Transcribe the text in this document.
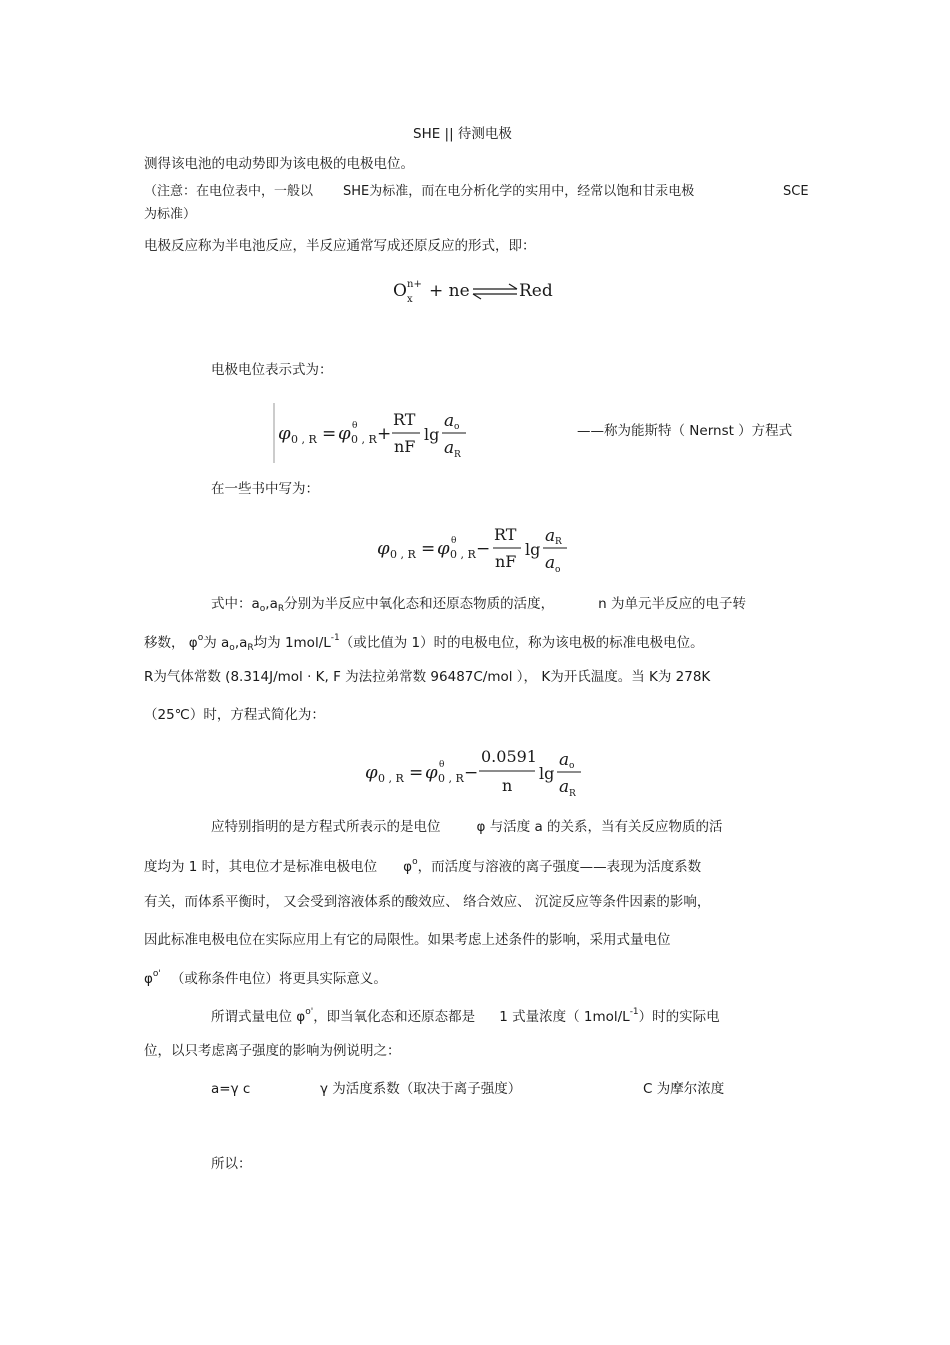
SHE || 待测电极
测得该电池的电动势即为该电极的电极电位。
（注意：在电位表中，一般以 SHE为标准，而在电分析化学的实用中，经常以饱和甘汞电极	SCE
为标准）
电极反应称为半电池反应，半反应通常写成还原反应的形式，即：
O n+
x + ne	Red
电极电位表示式为：
φ 0 , R = φ θ
0 , R +
RT
nF
lg
a o
a R
——称为能斯特（ Nernst ）方程式
在一些书中写为：
φ 0 , R = φ θ
0 , R −
RT
nF
lg
a R
a o
式中：$a_o,a_R$分别为半反应中氧化态和还原态物质的活度，	n 为单元半反应的电子转
移数， $\varphi^o$为 $a_o,a_R$均为 $1mol/L^{-1}$（或比值为 1）时的电极电位，称为该电极的标准电极电位。
R为气体常数 (8.314J/mol · K, F 为法拉弟常数 96487C/mol ）， K为开氏温度。当 K为 278K
（25℃）时，方程式简化为：
φ 0 , R = φ θ
0 , R −
0.0591
n
lg
a o
a R
应特别指明的是方程式所表示的是电位	φ 与活度 a 的关系，当有关反应物质的活
度均为 1 时，其电位才是标准电极电位 $\varphi^o$，而活度与溶液的离子强度——表现为活度系数
有关，而体系平衡时， 又会受到溶液体系的酸效应、 络合效应、 沉淀反应等条件因素的影响，
因此标准电极电位在实际应用上有它的局限性。如果考虑上述条件的影响，采用式量电位
$\varphi^{o'}$ （或称条件电位）将更具实际意义。
所谓式量电位 $\varphi^{o'}$，即当氧化态和还原态都是 1 式量浓度（ $1mol/L^{-1}$）时的实际电
位，以只考虑离子强度的影响为例说明之：
a=γ c	γ 为活度系数（取决于离子强度）	C 为摩尔浓度
所以：
